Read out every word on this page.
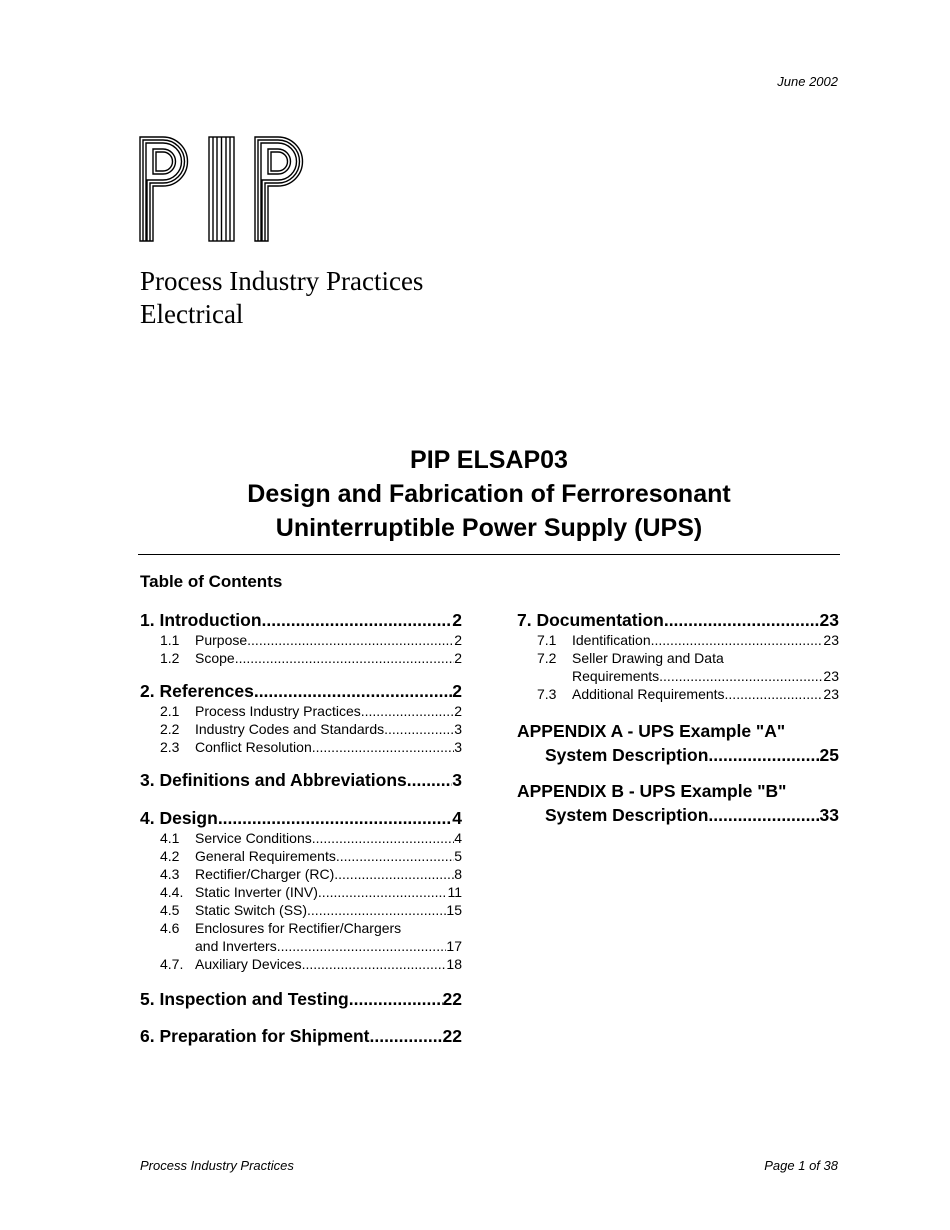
June 2002
Process Industry Practices
Electrical
PIP ELSAP03
Design and Fabrication of Ferroresonant
Uninterruptible Power Supply (UPS)
Table of Contents
1. Introduction .....	2
1.1	Purpose .....	2
1.2	Scope .....	2
2. References .....	2
2.1	Process Industry Practices .....	2
2.2	Industry Codes and Standards .....	3
2.3	Conflict Resolution .....	3
3. Definitions and Abbreviations .....	3
4. Design .....	4
4.1	Service Conditions .....	4
4.2	General Requirements .....	5
4.3	Rectifier/Charger (RC) .....	8
4.4. Static Inverter (INV) .....	11
4.5	Static Switch (SS) .....	15
4.6	Enclosures for Rectifier/Chargers
and Inverters .....	17
4.7. Auxiliary Devices .....	18
5. Inspection and Testing .....	22
6. Preparation for Shipment .....	22
7. Documentation .....	23
7.1	Identification .....	23
7.2	Seller Drawing and Data
Requirements .....	23
7.3	Additional Requirements .....	23
APPENDIX A - UPS Example "A"
System Description .....	25
APPENDIX B - UPS Example "B"
System Description .....	33
Process Industry Practices	Page 1 of 38
